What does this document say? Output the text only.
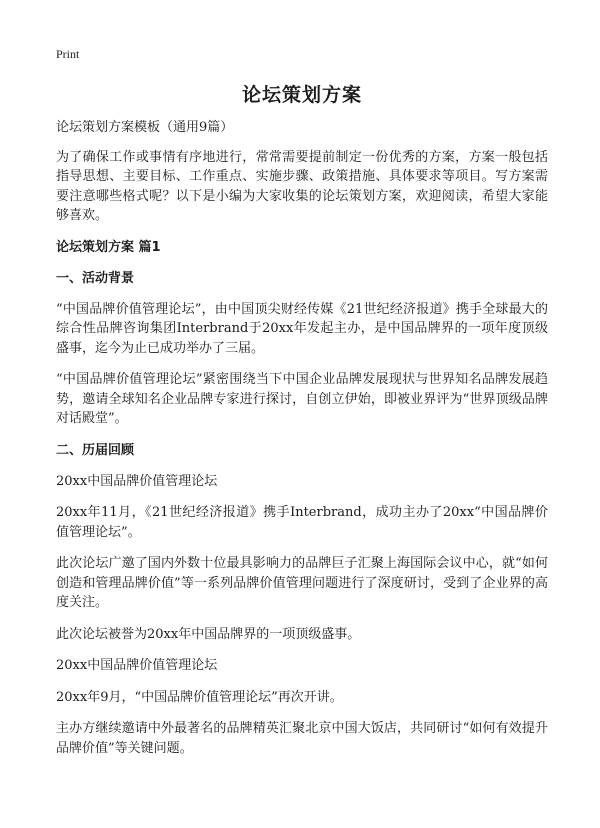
Print
论坛策划方案

论坛策划方案模板（通用9篇）

为了确保工作或事情有序地进行，常常需要提前制定一份优秀的方案，方案一般包括指导思想、主要目标、工作重点、实施步骤、政策措施、具体要求等项目。写方案需要注意哪些格式呢？以下是小编为大家收集的论坛策划方案，欢迎阅读，希望大家能够喜欢。

论坛策划方案 篇1
一、活动背景

“中国品牌价值管理论坛”，由中国顶尖财经传媒《21世纪经济报道》携手全球最大的综合性品牌咨询集团Interbrand于20xx年发起主办，是中国品牌界的一项年度顶级盛事，迄今为止已成功举办了三届。

“中国品牌价值管理论坛”紧密围绕当下中国企业品牌发展现状与世界知名品牌发展趋势，邀请全球知名企业品牌专家进行探讨，自创立伊始，即被业界评为“世界顶级品牌对话殿堂”。

二、历届回顾

20xx中国品牌价值管理论坛

20xx年11月，《21世纪经济报道》携手Interbrand，成功主办了20xx“中国品牌价值管理论坛”。

此次论坛广邀了国内外数十位最具影响力的品牌巨子汇聚上海国际会议中心，就“如何创造和管理品牌价值”等一系列品牌价值管理问题进行了深度研讨，受到了企业界的高度关注。

此次论坛被誉为20xx年中国品牌界的一项顶级盛事。

20xx中国品牌价值管理论坛

20xx年9月，“中国品牌价值管理论坛”再次开讲。

主办方继续邀请中外最著名的品牌精英汇聚北京中国大饭店，共同研讨“如何有效提升品牌价值”等关键问题。
